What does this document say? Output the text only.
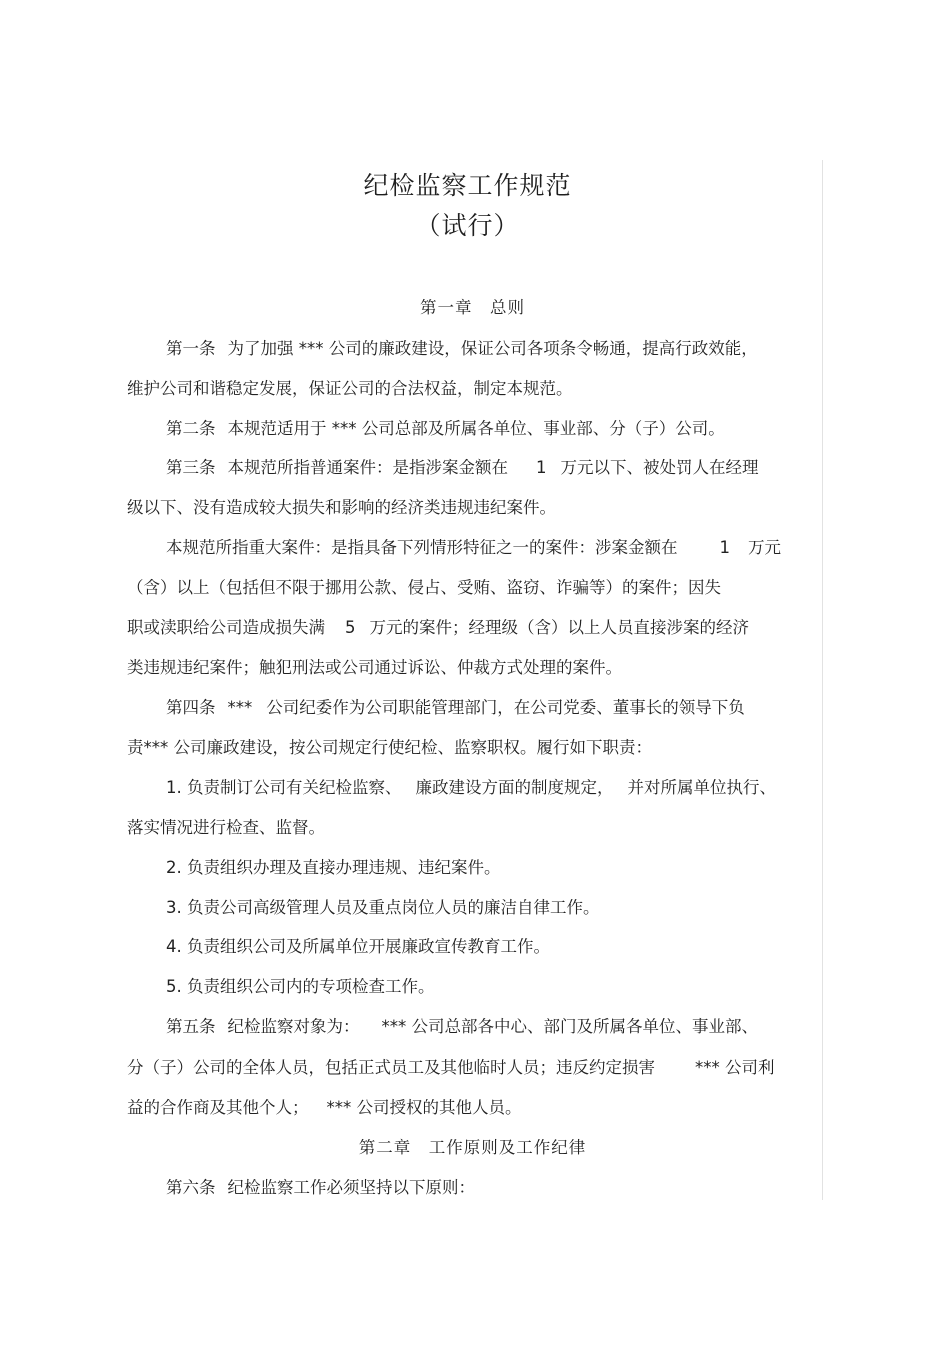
纪检监察工作规范
（试行）
第一章　总则
第一条 为了加强 *** 公司的廉政建设，保证公司各项条令畅通，提高行政效能，
维护公司和谐稳定发展，保证公司的合法权益，制定本规范。
第二条 本规范适用于 *** 公司总部及所属各单位、事业部、分（子）公司。
第三条 本规范所指普通案件：是指涉案金额在 1 万元以下、被处罚人在经理
级以下、没有造成较大损失和影响的经济类违规违纪案件。
本规范所指重大案件：是指具备下列情形特征之一的案件：涉案金额在	1 万元
（含）以上（包括但不限于挪用公款、侵占、受贿、盗窃、诈骗等）的案件；因失
职或渎职给公司造成损失满 5 万元的案件；经理级（含）以上人员直接涉案的经济
类违规违纪案件；触犯刑法或公司通过诉讼、仲裁方式处理的案件。
第四条 *** 公司纪委作为公司职能管理部门，在公司党委、董事长的领导下负
责*** 公司廉政建设，按公司规定行使纪检、监察职权。履行如下职责：
1. 负责制订公司有关纪检监察、 廉政建设方面的制度规定， 并对所属单位执行、
落实情况进行检查、监督。
2. 负责组织办理及直接办理违规、违纪案件。
3. 负责公司高级管理人员及重点岗位人员的廉洁自律工作。
4. 负责组织公司及所属单位开展廉政宣传教育工作。
5. 负责组织公司内的专项检查工作。
第五条 纪检监察对象为： *** 公司总部各中心、部门及所属各单位、事业部、
分（子）公司的全体人员，包括正式员工及其他临时人员；违反约定损害 *** 公司利
益的合作商及其他个人； *** 公司授权的其他人员。
第二章　工作原则及工作纪律
第六条 纪检监察工作必须坚持以下原则：
